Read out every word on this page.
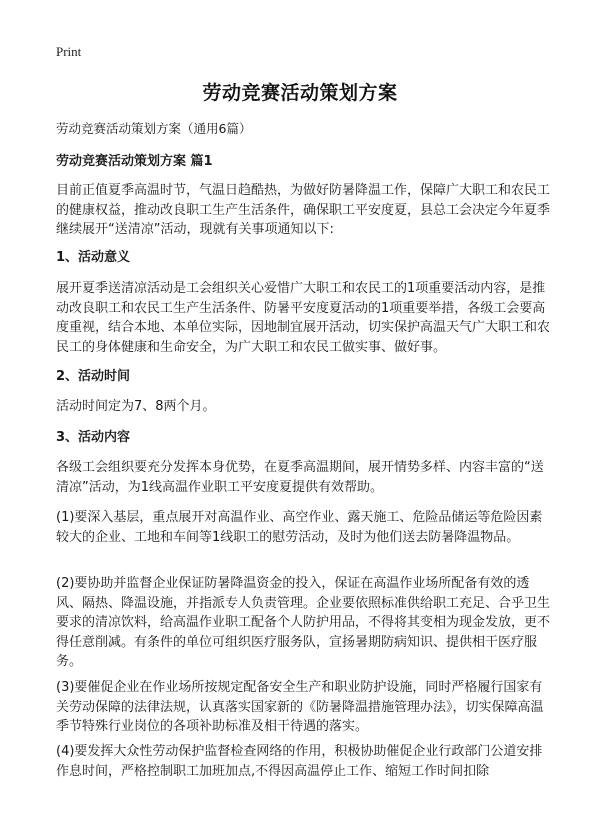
Print
劳动竞赛活动策划方案
劳动竞赛活动策划方案（通用6篇）
劳动竞赛活动策划方案 篇1

目前正值夏季高温时节，气温日趋酷热，为做好防暑降温工作，保障广大职工和农民工的健康权益，推动改良职工生产生活条件，确保职工平安度夏，县总工会决定今年夏季继续展开“送清凉”活动，现就有关事项通知以下:

1、活动意义

展开夏季送清凉活动是工会组织关心爱惜广大职工和农民工的1项重要活动内容，是推动改良职工和农民工生产生活条件、防暑平安度夏活动的1项重要举措，各级工会要高度重视，结合本地、本单位实际，因地制宜展开活动，切实保护高温天气广大职工和农民工的身体健康和生命安全，为广大职工和农民工做实事、做好事。

2、活动时间

活动时间定为7、8两个月。

3、活动内容

各级工会组织要充分发挥本身优势，在夏季高温期间，展开情势多样、内容丰富的“送清凉”活动，为1线高温作业职工平安度夏提供有效帮助。

(1)要深入基层，重点展开对高温作业、高空作业、露天施工、危险品储运等危险因素较大的企业、工地和车间等1线职工的慰劳活动，及时为他们送去防暑降温物品。

(2)要协助并监督企业保证防暑降温资金的投入，保证在高温作业场所配备有效的透风、隔热、降温设施，并指派专人负责管理。企业要依照标准供给职工充足、合乎卫生要求的清凉饮料，给高温作业职工配备个人防护用品，不得将其变相为现金发放，更不得任意削减。有条件的单位可组织医疗服务队，宣扬暑期防病知识、提供相干医疗服务。

(3)要催促企业在作业场所按规定配备安全生产和职业防护设施，同时严格履行国家有关劳动保障的法律法规，认真落实国家新的《防暑降温措施管理办法》，切实保障高温季节特殊行业岗位的各项补助标准及相干待遇的落实。

(4)要发挥大众性劳动保护监督检查网络的作用，积极协助催促企业行政部门公道安排作息时间，严格控制职工加班加点,不得因高温停止工作、缩短工作时间扣除
